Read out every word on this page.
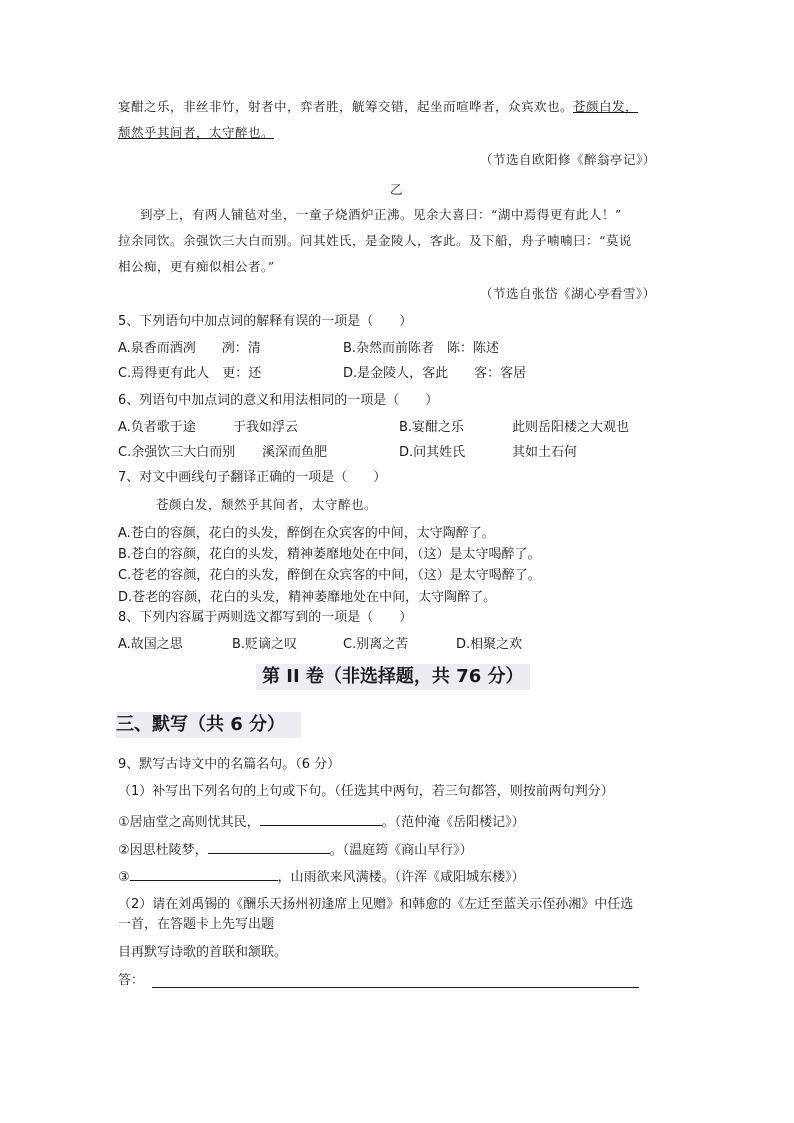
宴酣之乐，非丝非竹，射者中，弈者胜，觥筹交错，起坐而喧哗者，众宾欢也。苍颜白发，
颓然乎其间者，太守醉也。
（节选自欧阳修《醉翁亭记》）
乙
到亭上，有两人铺毡对坐，一童子烧酒炉正沸。见余大喜曰：“湖中焉得更有此人！”
拉余同饮。余强饮三大白而别。问其姓氏，是金陵人，客此。及下船，舟子喃喃曰：“莫说
相公痴，更有痴似相公者。”
（节选自张岱《湖心亭看雪》）
5、下列语句中加点词的解释有误的一项是（　　）
A.泉香而酒冽　　冽：清	B.杂然而前陈者　陈：陈述
C.焉得更有此人　更：还	D.是金陵人，客此　　客：客居
6、列语句中加点词的意义和用法相同的一项是（　　）
A.负者歌于途	于我如浮云	B.宴酣之乐	此则岳阳楼之大观也
C.余强饮三大白而别 溪深而鱼肥	D.问其姓氏	其如土石何
7、对文中画线句子翻译正确的一项是（　　）
苍颜白发，颓然乎其间者，太守醉也。
A.苍白的容颜，花白的头发，醉倒在众宾客的中间，太守陶醉了。
B.苍白的容颜，花白的头发，精神萎靡地处在中间，（这）是太守喝醉了。
C.苍老的容颜，花白的头发，醉倒在众宾客的中间，（这）是太守喝醉了。
D.苍老的容颜，花白的头发，精神萎靡地处在中间，太守陶醉了。
8、下列内容属于两则选文都写到的一项是（　　）
A.故国之思	B.贬谪之叹	C.别离之苦	D.相聚之欢
第 II 卷（非选择题，共 76 分）
三、默写（共 6 分）
9、默写古诗文中的名篇名句。（6 分）
（1）补写出下列名句的上句或下句。（任选其中两句，若三句都答，则按前两句判分）
①居庙堂之高则忧其民，	。（范仲淹《岳阳楼记》）
②因思杜陵梦，	。（温庭筠《商山早行》）
③	，山雨欲来风满楼。（许浑《咸阳城东楼》）
（2）请在刘禹锡的《酬乐天扬州初逢席上见赠》和韩愈的《左迁至蓝关示侄孙湘》中任选
一首，在答题卡上先写出题
目再默写诗歌的首联和颔联。
答：
